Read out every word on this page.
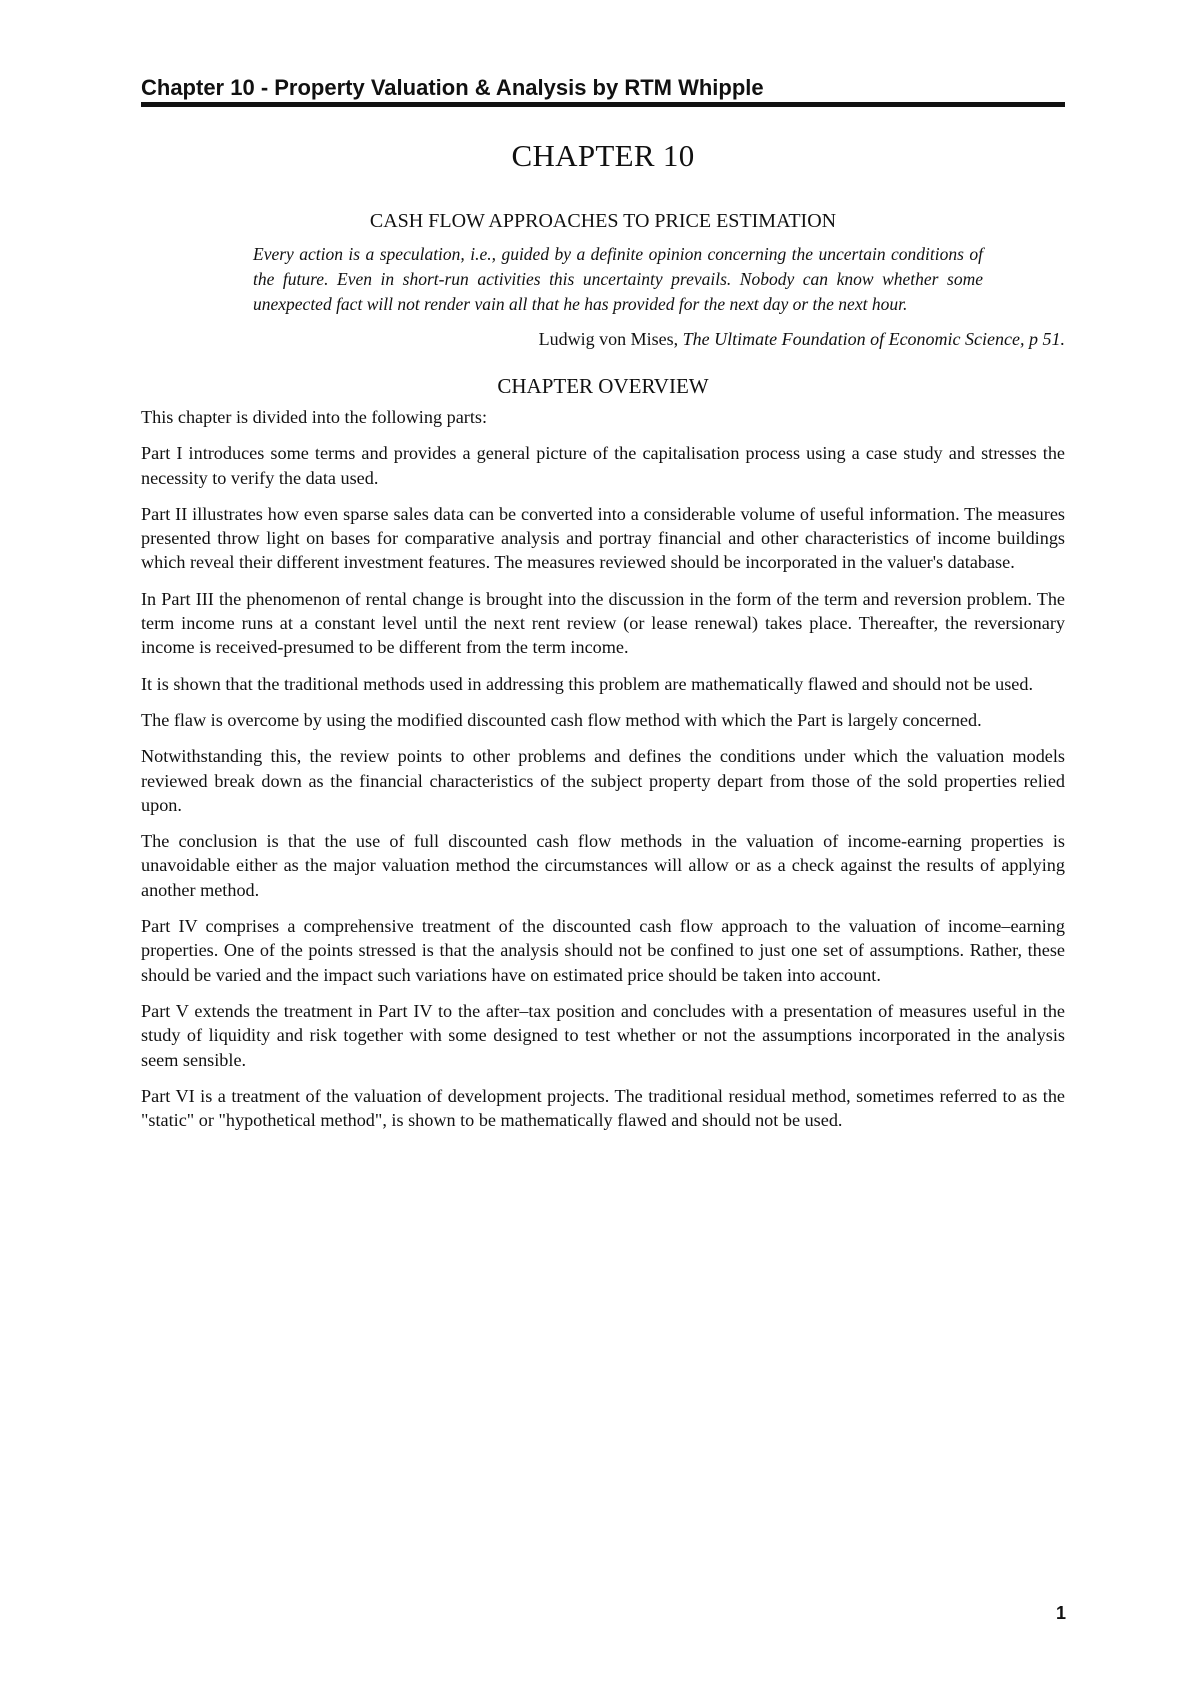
Chapter 10 - Property Valuation & Analysis by RTM Whipple
CHAPTER 10
CASH FLOW APPROACHES TO PRICE ESTIMATION

Every action is a speculation, i.e., guided by a definite opinion concerning the uncertain conditions of the future. Even in short-run activities this uncertainty prevails. Nobody can know whether some unexpected fact will not render vain all that he has provided for the next day or the next hour.

Ludwig von Mises, The Ultimate Foundation of Economic Science, p 51.

CHAPTER OVERVIEW

This chapter is divided into the following parts:

Part I introduces some terms and provides a general picture of the capitalisation process using a case study and stresses the necessity to verify the data used.

Part II illustrates how even sparse sales data can be converted into a considerable volume of useful information. The measures presented throw light on bases for comparative analysis and portray financial and other characteristics of income buildings which reveal their different investment features. The measures reviewed should be incorporated in the valuer's database.

In Part III the phenomenon of rental change is brought into the discussion in the form of the term and reversion problem. The term income runs at a constant level until the next rent review (or lease renewal) takes place. Thereafter, the reversionary income is received-presumed to be different from the term income.

It is shown that the traditional methods used in addressing this problem are mathematically flawed and should not be used.

The flaw is overcome by using the modified discounted cash flow method with which the Part is largely concerned.

Notwithstanding this, the review points to other problems and defines the conditions under which the valuation models reviewed break down as the financial characteristics of the subject property depart from those of the sold properties relied upon.

The conclusion is that the use of full discounted cash flow methods in the valuation of income-earning properties is unavoidable either as the major valuation method the circumstances will allow or as a check against the results of applying another method.

Part IV comprises a comprehensive treatment of the discounted cash flow approach to the valuation of income–earning properties. One of the points stressed is that the analysis should not be confined to just one set of assumptions. Rather, these should be varied and the impact such variations have on estimated price should be taken into account.

Part V extends the treatment in Part IV to the after–tax position and concludes with a presentation of measures useful in the study of liquidity and risk together with some designed to test whether or not the assumptions incorporated in the analysis seem sensible.

Part VI is a treatment of the valuation of development projects. The traditional residual method, sometimes referred to as the "static" or "hypothetical method", is shown to be mathematically flawed and should not be used.

1
